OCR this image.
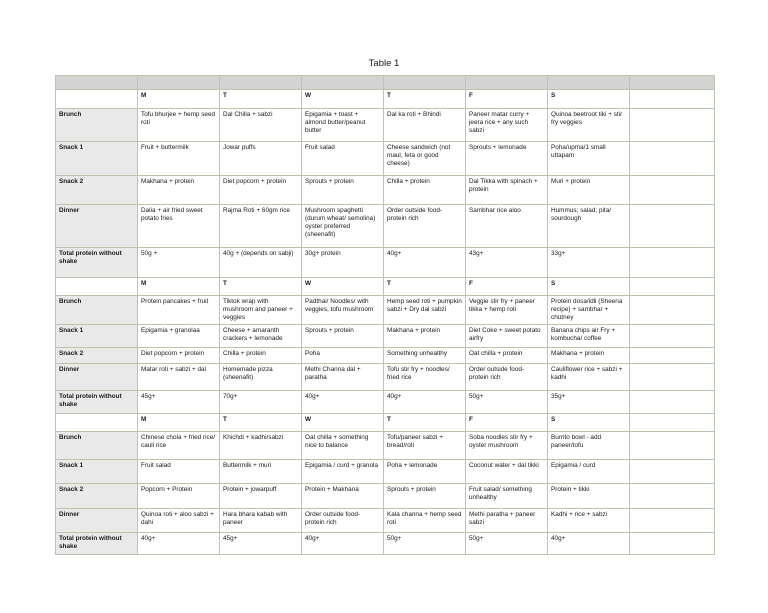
Table 1

	M	T	W	T	F	S	
Brunch	Tofu bhurjee + hemp seed roti	Dal Chilla + sabzi	Epigamia + toast + almond butter/peanut butter	Dal ka roti + Bhindi	Paneer matar curry + jeera rice + any such sabzi	Quinoa beetroot tiki + stir fry veggies	
Snack 1	Fruit + buttermilk	Jowar puffs	Fruit salad	Cheese sandwich (not maul, feta or good cheese)	Sprouts + lemonade	Poha/upma/1 small uttapam	
Snack 2	Makhana + protein	Diet popcorn + protein	Sprouts + protein	Chilla + protein	Dal Tikka with spinach + protein	Muri + protein	
Dinner	Dalia + air fried sweet potato fries	Rajma Roti + 60gm rice	Mushroom spaghetti (durum wheat/ semolina) oyster preferred (sheenafit)	Order outside food- protein rich	Sambhar rice aloo	Hummus; salad; pita/ sourdough	
Total protein without shake	50g +	40g + (depends on sabji)	30g+ protein	40g+	43g+	33g+	
	M	T	W	T	F	S	
Brunch	Protein pancakes + fruit	Tiktok wrap with mushroom and paneer + veggies	Padthai/ Noodles/ with veggies, tofu mushroom	Hemp seed roti + pumpkin sabzi + Dry dal sabzi	Veggie stir fry + paneer tikka + hemp roti	Protein dosa/idli (Sheena recipe) + sambhar + chutney	
Snack 1	Epigamia + granolaa	Cheese + amaranth crackers + lemonade	Sprouts + protein	Makhana + protein	Diet Coke + sweet potato airfry	Banana chips air Fry + kombucha/ coffee	
Snack 2	Diet popcorn + protein	Chilla + protein	Poha	Something unhealthy	Oat chilla + protein	Makhana + protein	
Dinner	Matar roti + sabzi + dal	Homemade pizza (sheenafit)	Methi Channa dal + paratha	Tofu stir fry + noodles/ fried rice	Order outside food- protein rich	Cauliflower rice + sabzi + kadhi	
Total protein without shake	45g+	70g+	40g+	40g+	50g+	35g+	
	M	T	W	T	F	S	
Brunch	Chinese chola + fried rice/ cauli rice	Khichdi + kadhi/sabzi	Oat chilla + something nice to balance	Tofu/paneer sabzi + bread/roti	Soba noodles stir fry + oyster mushroom	Burrito bowl - add paneer/tofu	
Snack 1	Fruit salad	Buttermilk + muri	Epigamia / curd + granola	Poha + lemonade	Coconut water + dal tikki	Epigamia / curd	
Snack 2	Popcorn + Protein	Protein + jowarpuff	Protein + Makhana	Sprouts + protein	Fruit salad/ something unhealthy	Protein + tikki	
Dinner	Quinoa roti + aloo sabzi + dahi	Hara bhara kabab with paneer	Order outside food- protein rich	Kala channa + hemp seed roti	Methi paratha + paneer sabzi	Kadhi + rice + sabzi	
Total protein without shake	40g+	45g+	40g+	50g+	50g+	40g+	
